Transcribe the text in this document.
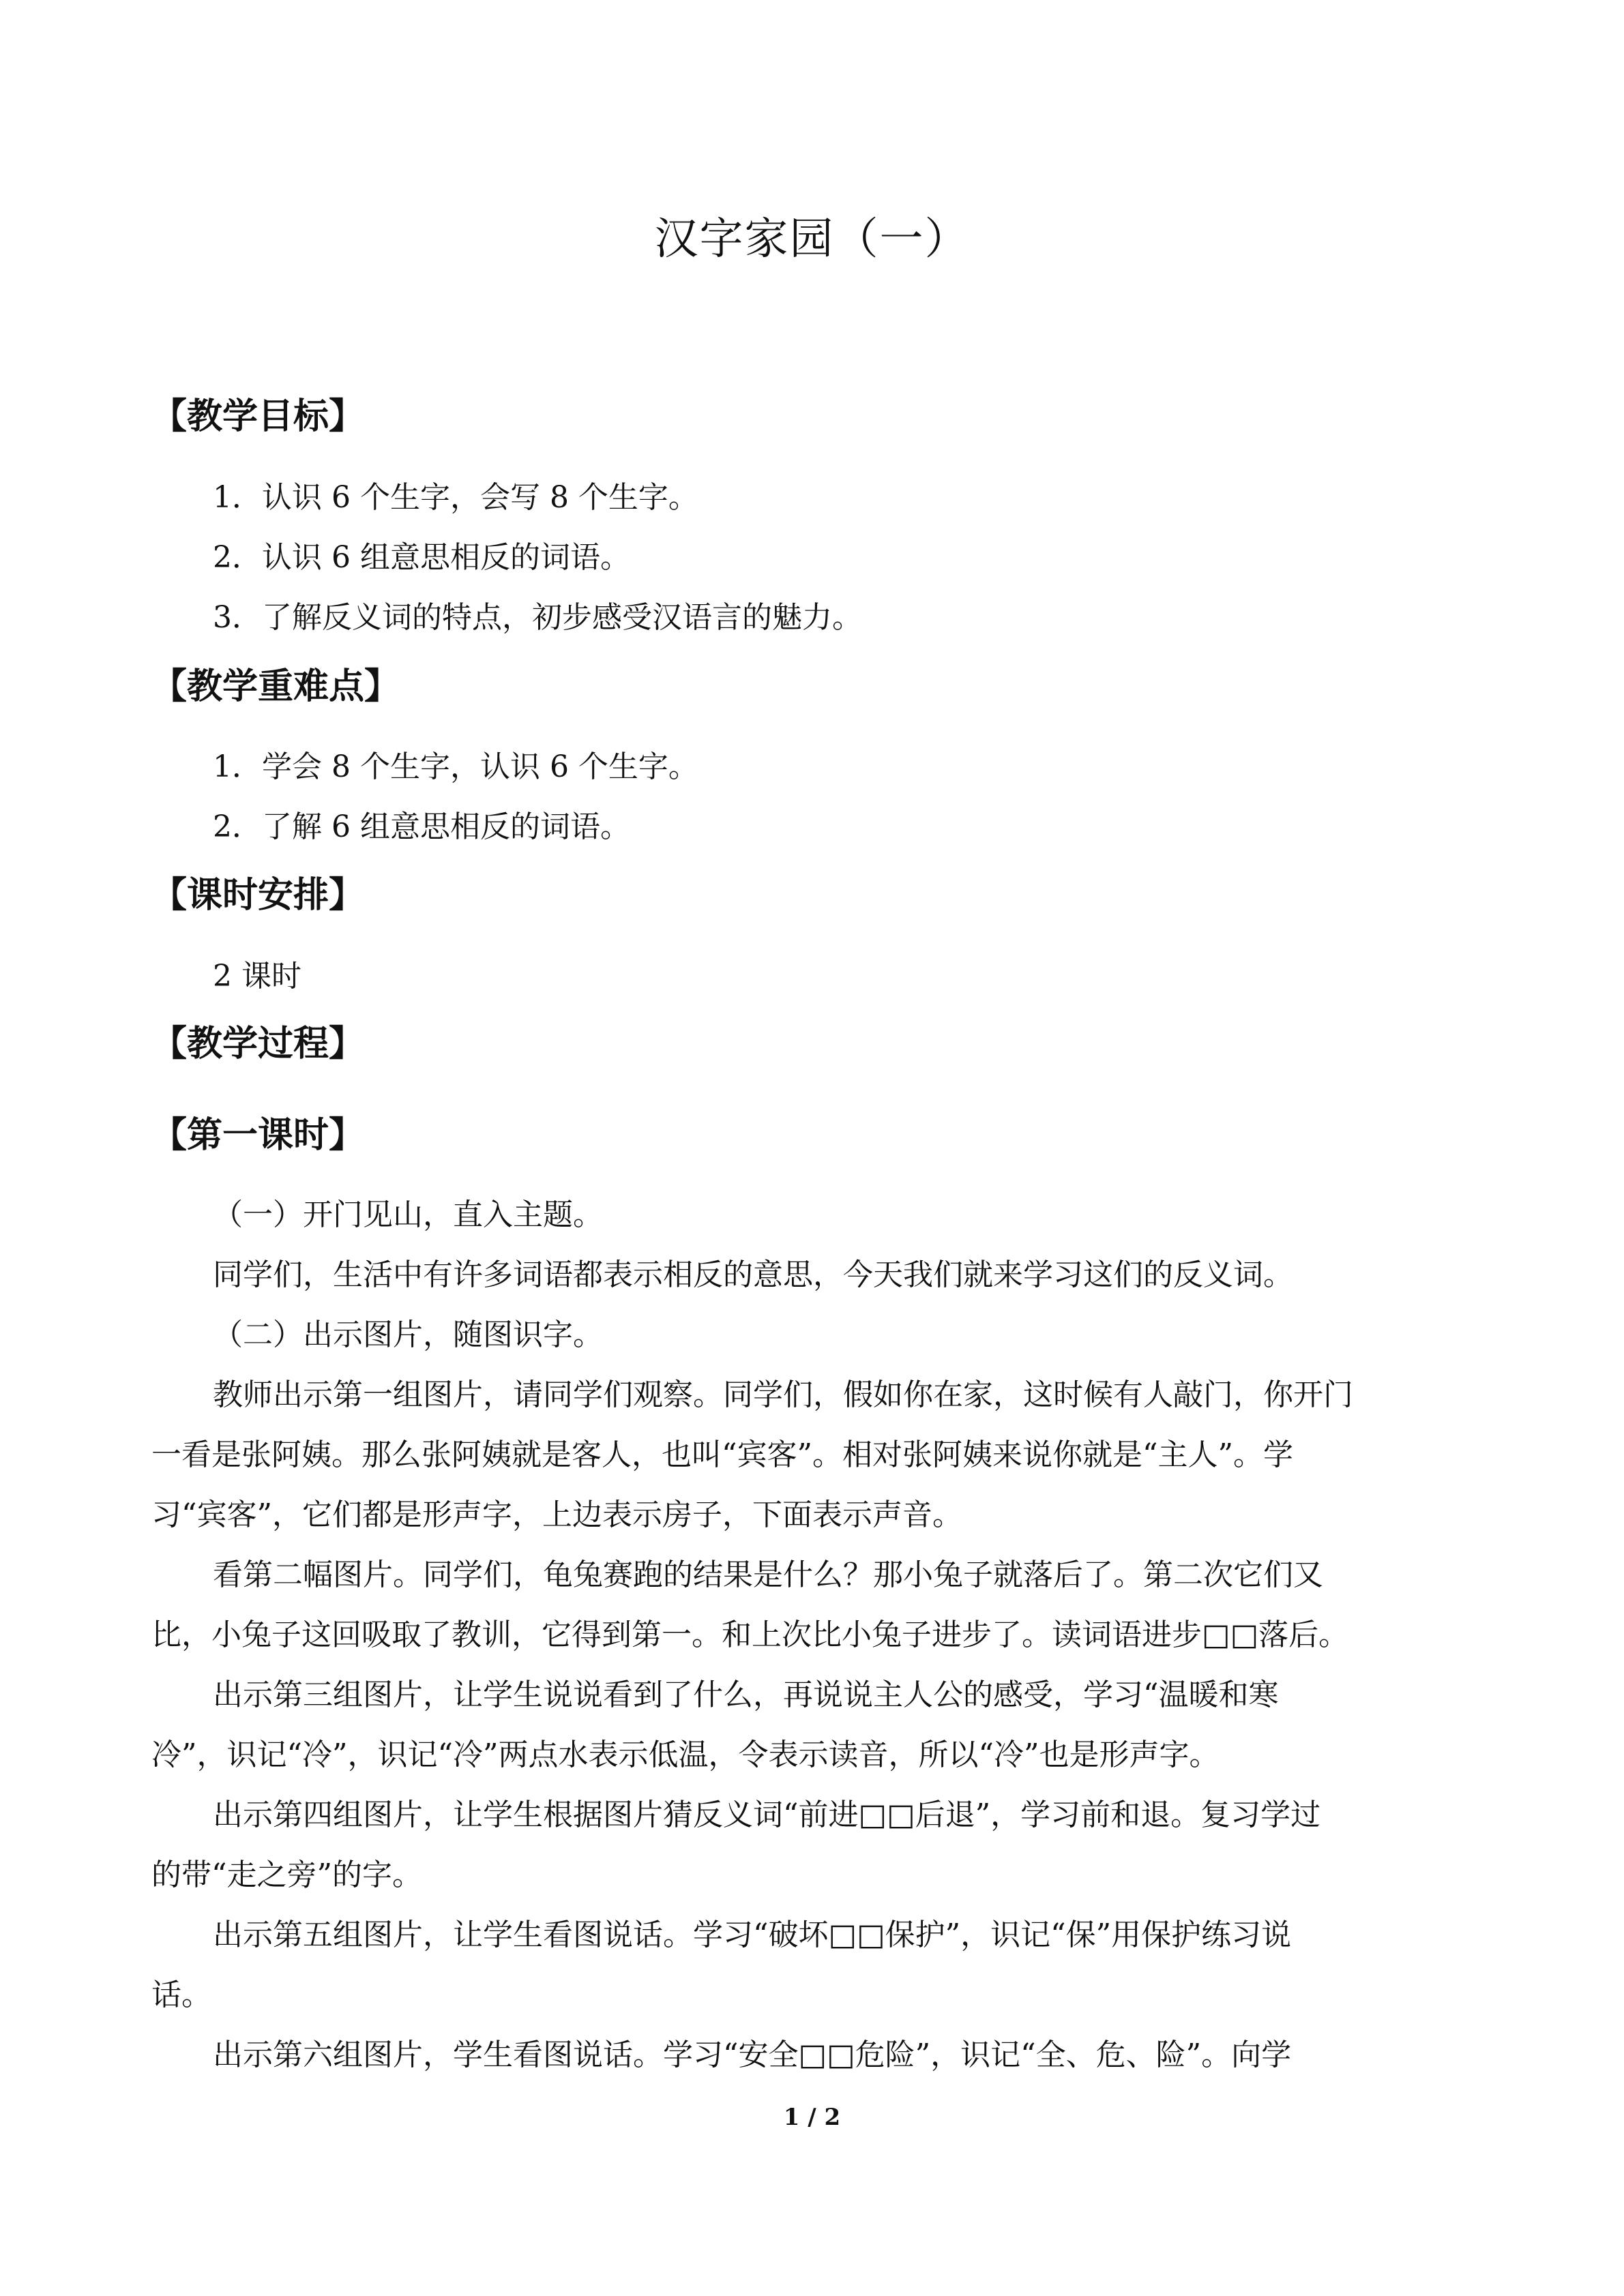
汉字家园（一）
【教学目标】
1．认识 6 个生字，会写 8 个生字。
2．认识 6 组意思相反的词语。
3．了解反义词的特点，初步感受汉语言的魅力。
【教学重难点】
1．学会 8 个生字，认识 6 个生字。
2．了解 6 组意思相反的词语。
【课时安排】
2 课时
【教学过程】
【第一课时】
（一）开门见山，直入主题。
同学们，生活中有许多词语都表示相反的意思，今天我们就来学习这们的反义词。
（二）出示图片，随图识字。
教师出示第一组图片，请同学们观察。同学们，假如你在家，这时候有人敲门，你开门
一看是张阿姨。那么张阿姨就是客人，也叫“宾客”。相对张阿姨来说你就是“主人”。学
习“宾客”，它们都是形声字，上边表示房子，下面表示声音。
看第二幅图片。同学们，龟兔赛跑的结果是什么？那小兔子就落后了。第二次它们又
比，小兔子这回吸取了教训，它得到第一。和上次比小兔子进步了。读词语进步□□落后。
出示第三组图片，让学生说说看到了什么，再说说主人公的感受，学习“温暖和寒
冷”，识记“冷”，识记“冷”两点水表示低温，令表示读音，所以“冷”也是形声字。
出示第四组图片，让学生根据图片猜反义词“前进□□后退”，学习前和退。复习学过
的带“走之旁”的字。
出示第五组图片，让学生看图说话。学习“破坏□□保护”，识记“保”用保护练习说
话。
出示第六组图片，学生看图说话。学习“安全□□危险”，识记“全、危、险”。向学
1 / 2
